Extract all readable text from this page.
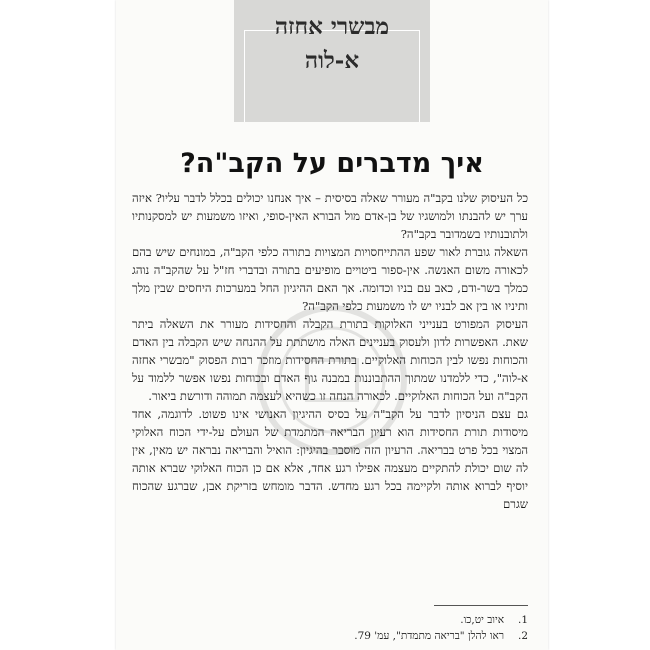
מבשרי אחזה
א-לוה
איך מדברים על הקב"ה?

כל העיסוק שלנו בקב"ה מעורר שאלה בסיסית – איך אנחנו יכולים בכלל לדבר עליו? איזה ערך יש להבנתו ולמושגיו של בן-אדם מול הבורא האין-סופי, ואיזו משמעות יש למסקנותיו ולתובנותיו בשמדובר בקב"ה?

השאלה גוברת לאור שפע ההתייחסויות המצויות בתורה כלפי הקב"ה, במונחים שיש בהם לכאורה משום האנשה. אין-ספור ביטויים מופיעים בתורה ובדברי חז"ל על שהקב"ה נוהג כמלך בשר-ודם, כאב עם בניו וכדומה. אך האם ההיגיון החל במערכות היחסים שבין מלך ותיניו או בין אב לבניו יש לו משמעות כלפי הקב"ה?

העיסוק המפורט בענייני האלוקות בתורת הקבלה והחסידות מעורר את השאלה ביתר שאת. האפשרות לדון ולעסוק בעניינים האלה מושתתת על ההנחה שיש הקבלה בין האדם והכוחות נפשו לבין הכוחות האלוקיים. בתורת החסידות מוזכר רבות הפסוק "מבשרי אחזה א-לוה", כדי ללמדנו שמתוך ההתבוננות במבנה גוף האדם ובכוחות נפשו אפשר ללמוד על הקב"ה ועל הכוחות האלוקיים. לכאורה הנחה זו כשהיא לעצמה תמוהה ודורשת ביאור.

גם עצם הניסיון לדבר על הקב"ה על בסיס ההיגיון האנושי אינו פשוט. לדוגמה, אחד מיסודות תורת החסידות הוא רעיון הבריאה המתמדת של העולם על-ידי הכוח האלוקי המצוי בכל פרט בבריאה. הרעיון הזה מוסבר בהיגיון: הואיל והבריאה נבראה יש מאין, אין לה שום יכולת להתקיים מעצמה אפילו רגע אחד, אלא אם כן הכוח האלוקי שברא אותה יוסיף לברוא אותה ולקיימה בכל רגע מחדש. הדבר מומחש בזריקת אבן, שברגע שהכוח שגרם

1.
איוב יט,כו.
2.
ראו להלן "בריאה מתמדת", עמ' 79.
